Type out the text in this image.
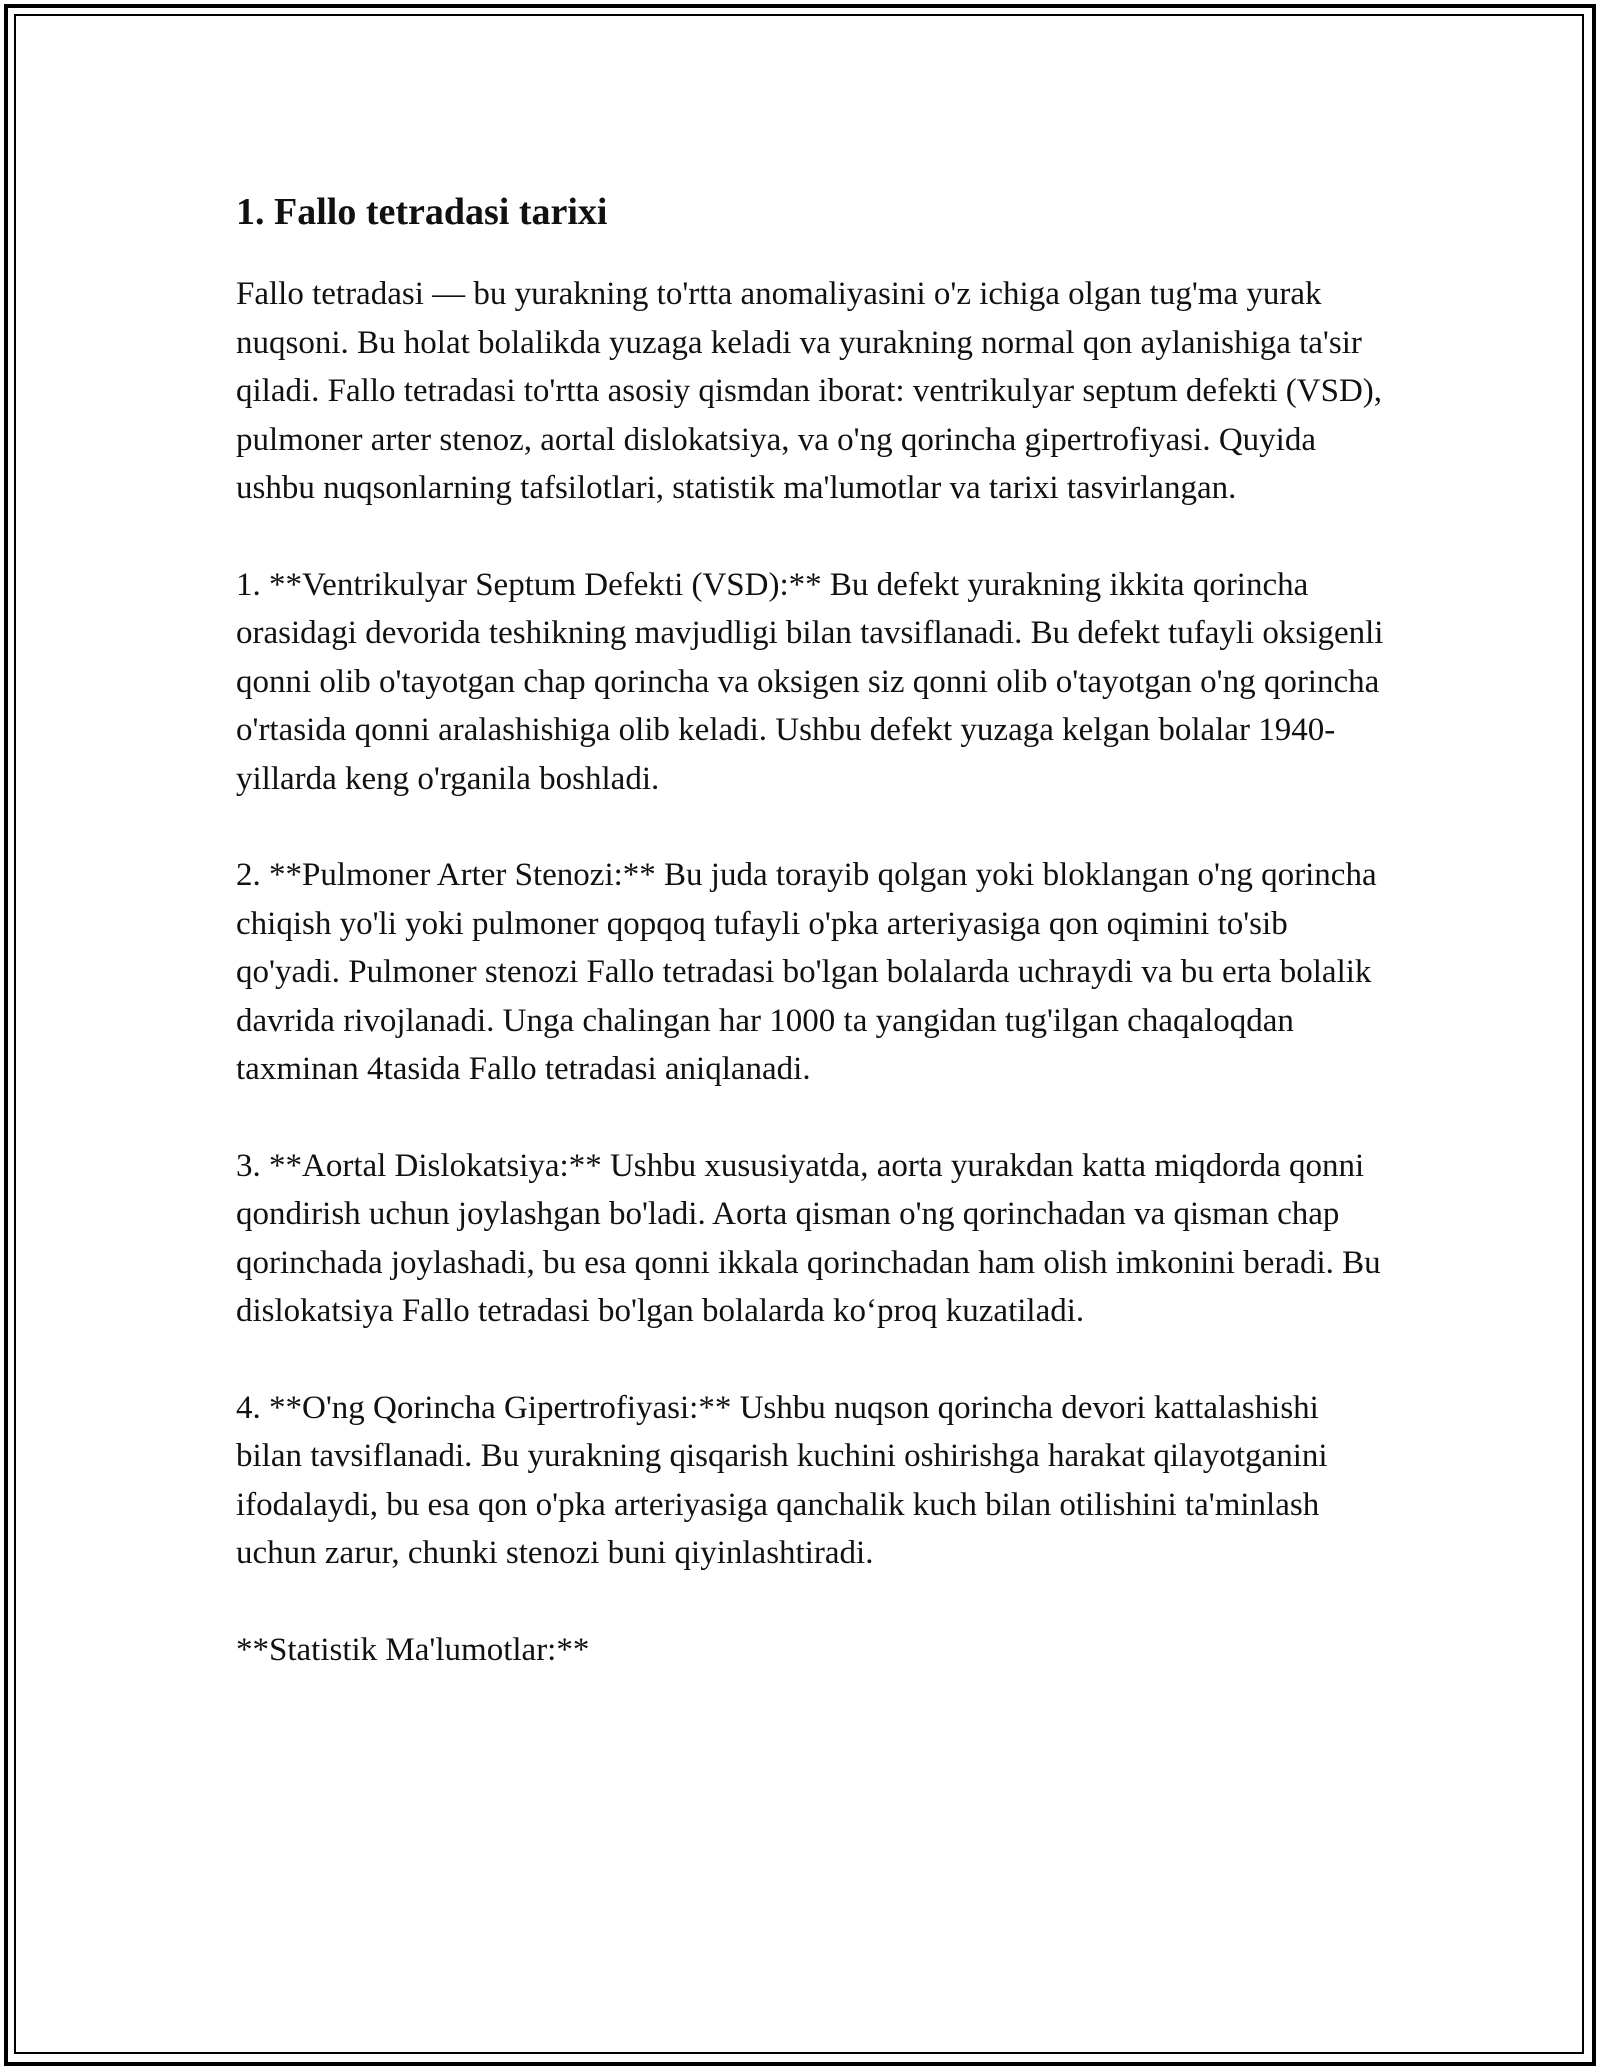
1. Fallo tetradasi tarixi

Fallo tetradasi — bu yurakning to'rtta anomaliyasini o'z ichiga olgan tug'ma yurak nuqsoni. Bu holat bolalikda yuzaga keladi va yurakning normal qon aylanishiga ta'sir qiladi. Fallo tetradasi to'rtta asosiy qismdan iborat: ventrikulyar septum defekti (VSD), pulmoner arter stenoz, aortal dislokatsiya, va o'ng qorincha gipertrofiyasi. Quyida ushbu nuqsonlarning tafsilotlari, statistik ma'lumotlar va tarixi tasvirlangan.

1. **Ventrikulyar Septum Defekti (VSD):** Bu defekt yurakning ikkita qorincha orasidagi devorida teshikning mavjudligi bilan tavsiflanadi. Bu defekt tufayli oksigenli qonni olib o'tayotgan chap qorincha va oksigen siz qonni olib o'tayotgan o'ng qorincha o'rtasida qonni aralashishiga olib keladi. Ushbu defekt yuzaga kelgan bolalar 1940-yillarda keng o'rganila boshladi.

2. **Pulmoner Arter Stenozi:** Bu juda torayib qolgan yoki bloklangan o'ng qorincha chiqish yo'li yoki pulmoner qopqoq tufayli o'pka arteriyasiga qon oqimini to'sib qo'yadi. Pulmoner stenozi Fallo tetradasi bo'lgan bolalarda uchraydi va bu erta bolalik davrida rivojlanadi. Unga chalingan har 1000 ta yangidan tug'ilgan chaqaloqdan taxminan 4tasida Fallo tetradasi aniqlanadi.

3. **Aortal Dislokatsiya:** Ushbu xususiyatda, aorta yurakdan katta miqdorda qonni qondirish uchun joylashgan bo'ladi. Aorta qisman o'ng qorinchadan va qisman chap qorinchada joylashadi, bu esa qonni ikkala qorinchadan ham olish imkonini beradi. Bu dislokatsiya Fallo tetradasi bo'lgan bolalarda koʻproq kuzatiladi.

4. **O'ng Qorincha Gipertrofiyasi:** Ushbu nuqson qorincha devori kattalashishi bilan tavsiflanadi. Bu yurakning qisqarish kuchini oshirishga harakat qilayotganini ifodalaydi, bu esa qon o'pka arteriyasiga qanchalik kuch bilan otilishini ta'minlash uchun zarur, chunki stenozi buni qiyinlashtiradi.

**Statistik Ma'lumotlar:**
